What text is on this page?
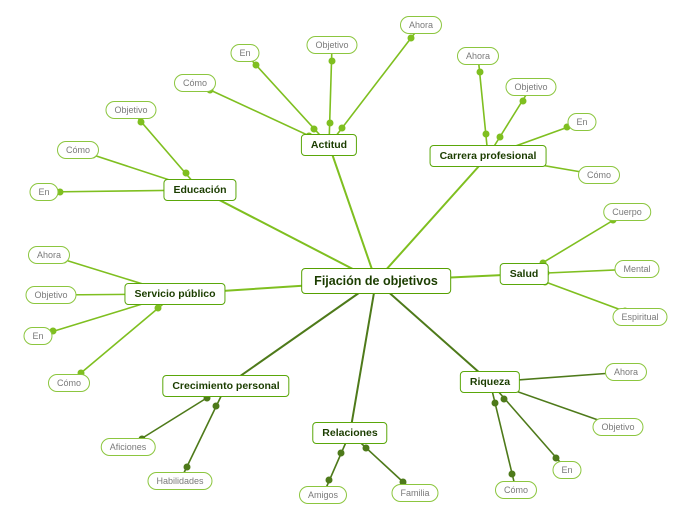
Fijación de objetivos
Actitud
Cómo
En
Objetivo
Ahora
Educación
Objetivo
Cómo
En
Servicio público
Ahora
Objetivo
En
Cómo	Crecimiento personal
Aficiones
Habilidades
Relaciones
Amigos	Familia
Riqueza
Ahora
Objetivo
En
Cómo
Salud
Cuerpo
Mental
Espiritual
Carrera profesional
Ahora
Objetivo
En
Cómo
